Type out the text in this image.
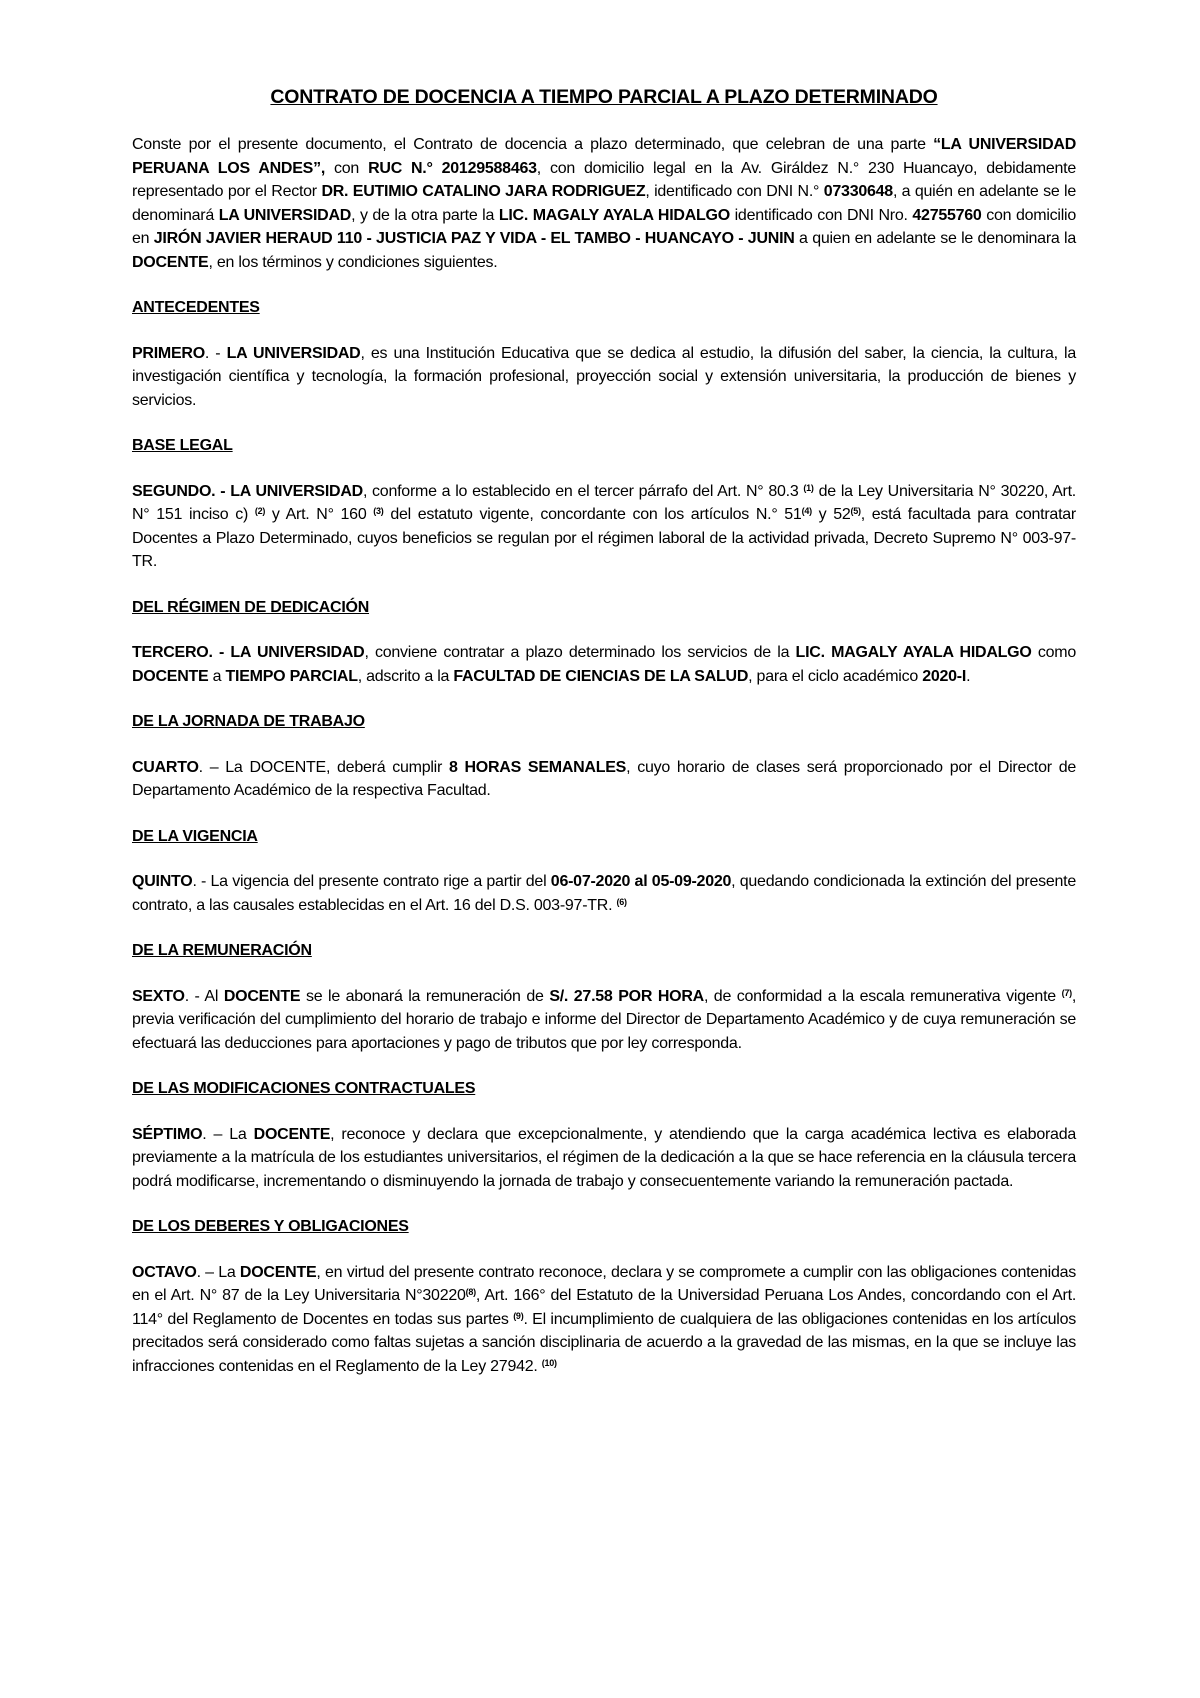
CONTRATO DE DOCENCIA A TIEMPO PARCIAL A PLAZO DETERMINADO

Conste por el presente documento, el Contrato de docencia a plazo determinado, que celebran de una parte “LA UNIVERSIDAD PERUANA LOS ANDES”, con RUC N.° 20129588463, con domicilio legal en la Av. Giráldez N.° 230 Huancayo, debidamente representado por el Rector DR. EUTIMIO CATALINO JARA RODRIGUEZ, identificado con DNI N.° 07330648, a quién en adelante se le denominará LA UNIVERSIDAD, y de la otra parte la LIC. MAGALY AYALA HIDALGO identificado con DNI Nro. 42755760 con domicilio en JIRÓN JAVIER HERAUD 110 - JUSTICIA PAZ Y VIDA - EL TAMBO - HUANCAYO - JUNIN a quien en adelante se le denominara la DOCENTE, en los términos y condiciones siguientes.

ANTECEDENTES

PRIMERO. - LA UNIVERSIDAD, es una Institución Educativa que se dedica al estudio, la difusión del saber, la ciencia, la cultura, la investigación científica y tecnología, la formación profesional, proyección social y extensión universitaria, la producción de bienes y servicios.

BASE LEGAL

SEGUNDO. - LA UNIVERSIDAD, conforme a lo establecido en el tercer párrafo del Art. N° 80.3 $^{(1)}$ de la Ley Universitaria N° 30220, Art. N° 151 inciso c) $^{(2)}$ y Art. N° 160 $^{(3)}$ del estatuto vigente, concordante con los artículos N.° 51$^{(4)}$ y 52$^{(5)}$, está facultada para contratar Docentes a Plazo Determinado, cuyos beneficios se regulan por el régimen laboral de la actividad privada, Decreto Supremo N° 003-97-TR.

DEL RÉGIMEN DE DEDICACIÓN

TERCERO. - LA UNIVERSIDAD, conviene contratar a plazo determinado los servicios de la LIC. MAGALY AYALA HIDALGO como DOCENTE a TIEMPO PARCIAL, adscrito a la FACULTAD DE CIENCIAS DE LA SALUD, para el ciclo académico 2020-I.

DE LA JORNADA DE TRABAJO

CUARTO. – La DOCENTE, deberá cumplir 8 HORAS SEMANALES, cuyo horario de clases será proporcionado por el Director de Departamento Académico de la respectiva Facultad.

DE LA VIGENCIA

QUINTO. - La vigencia del presente contrato rige a partir del 06-07-2020 al 05-09-2020, quedando condicionada la extinción del presente contrato, a las causales establecidas en el Art. 16 del D.S. 003-97-TR. $^{(6)}$

DE LA REMUNERACIÓN

SEXTO. - Al DOCENTE se le abonará la remuneración de S/. 27.58 POR HORA, de conformidad a la escala remunerativa vigente $^{(7)}$, previa verificación del cumplimiento del horario de trabajo e informe del Director de Departamento Académico y de cuya remuneración se efectuará las deducciones para aportaciones y pago de tributos que por ley corresponda.

DE LAS MODIFICACIONES CONTRACTUALES

SÉPTIMO. – La DOCENTE, reconoce y declara que excepcionalmente, y atendiendo que la carga académica lectiva es elaborada previamente a la matrícula de los estudiantes universitarios, el régimen de la dedicación a la que se hace referencia en la cláusula tercera podrá modificarse, incrementando o disminuyendo la jornada de trabajo y consecuentemente variando la remuneración pactada.

DE LOS DEBERES Y OBLIGACIONES

OCTAVO. – La DOCENTE, en virtud del presente contrato reconoce, declara y se compromete a cumplir con las obligaciones contenidas en el Art. N° 87 de la Ley Universitaria N°30220$^{(8)}$, Art. 166° del Estatuto de la Universidad Peruana Los Andes, concordando con el Art. 114° del Reglamento de Docentes en todas sus partes $^{(9)}$. El incumplimiento de cualquiera de las obligaciones contenidas en los artículos precitados será considerado como faltas sujetas a sanción disciplinaria de acuerdo a la gravedad de las mismas, en la que se incluye las infracciones contenidas en el Reglamento de la Ley 27942. $^{(10)}$
